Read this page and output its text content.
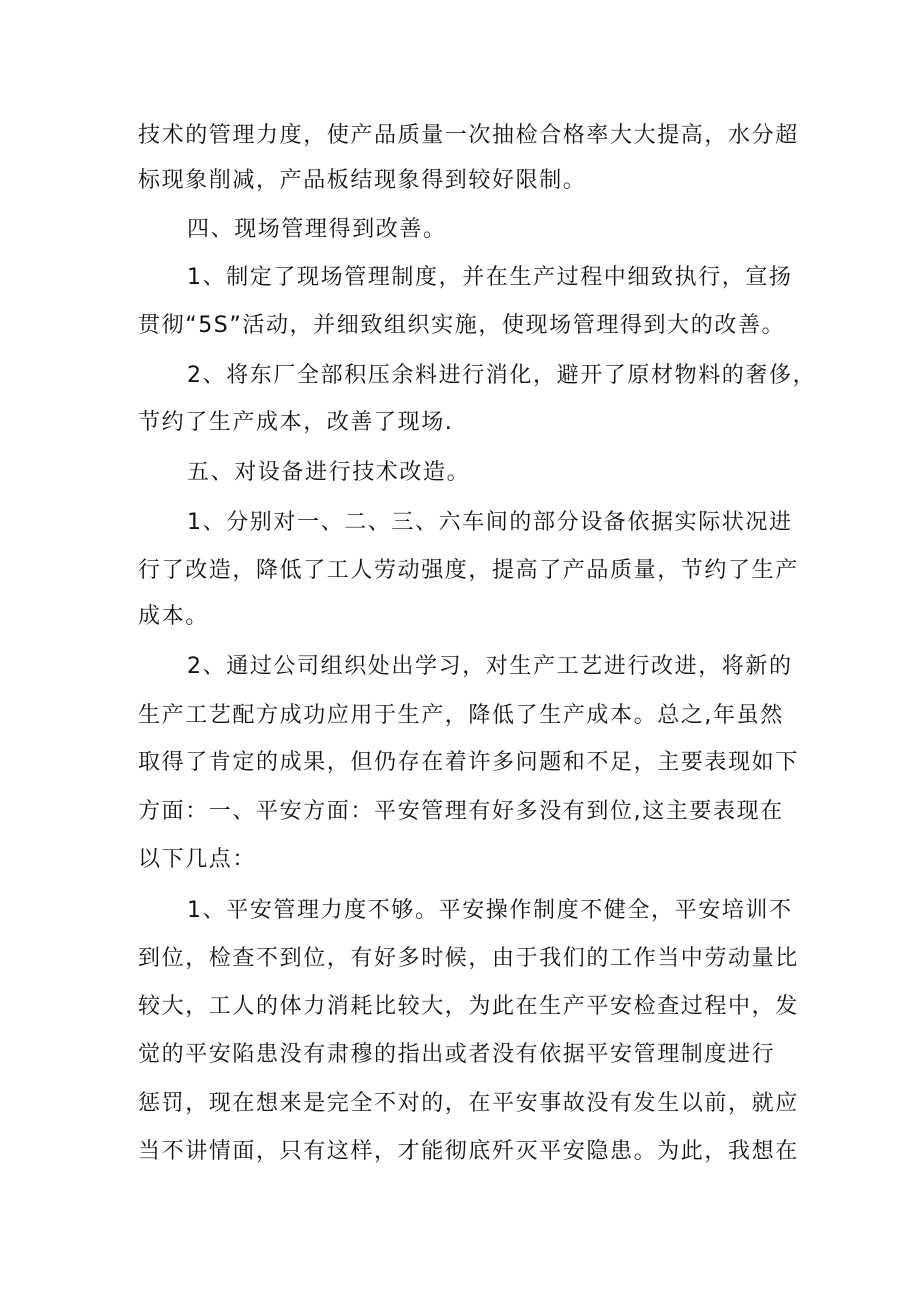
技术的管理力度，使产品质量一次抽检合格率大大提高，水分超
标现象削减，产品板结现象得到较好限制。
四、现场管理得到改善。
1、制定了现场管理制度，并在生产过程中细致执行，宣扬
贯彻“5S”活动，并细致组织实施，使现场管理得到大的改善。
2、将东厂全部积压余料进行消化，避开了原材物料的奢侈，
节约了生产成本，改善了现场.
五、对设备进行技术改造。
1、分别对一、二、三、六车间的部分设备依据实际状况进
行了改造，降低了工人劳动强度，提高了产品质量，节约了生产
成本。
2、通过公司组织处出学习，对生产工艺进行改进，将新的
生产工艺配方成功应用于生产，降低了生产成本。总之,年虽然
取得了肯定的成果，但仍存在着许多问题和不足，主要表现如下
方面：一、平安方面：平安管理有好多没有到位,这主要表现在
以下几点：
1、平安管理力度不够。平安操作制度不健全，平安培训不
到位，检查不到位，有好多时候，由于我们的工作当中劳动量比
较大，工人的体力消耗比较大，为此在生产平安检查过程中，发
觉的平安陷患没有肃穆的指出或者没有依据平安管理制度进行
惩罚，现在想来是完全不对的，在平安事故没有发生以前，就应
当不讲情面，只有这样，才能彻底歼灭平安隐患。为此，我想在
